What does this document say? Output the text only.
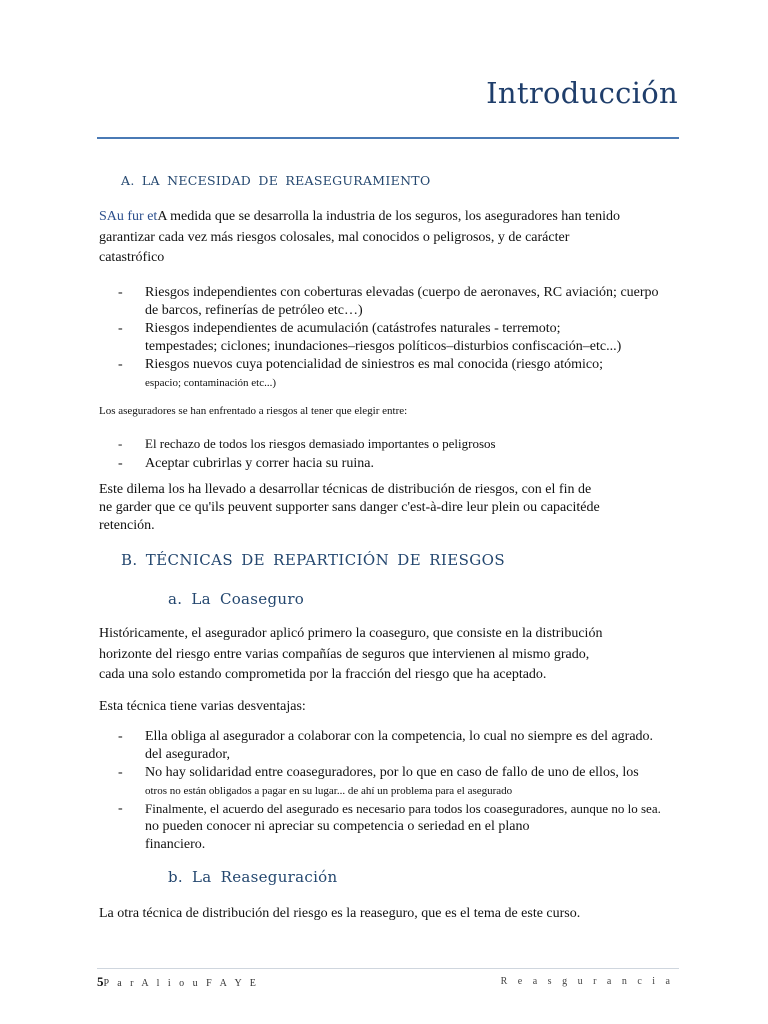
Introducción
A. LA NECESIDAD DE REASEGURAMIENTO
SAu fur etA medida que se desarrolla la industria de los seguros, los aseguradores han tenido
garantizar cada vez más riesgos colosales, mal conocidos o peligrosos, y de carácter
catastrófico
- Riesgos independientes con coberturas elevadas (cuerpo de aeronaves, RC aviación; cuerpo
de barcos, refinerías de petróleo etc…)
- Riesgos independientes de acumulación (catástrofes naturales - terremoto;
tempestades; ciclones; inundaciones–riesgos políticos–disturbios confiscación–etc...)
- Riesgos nuevos cuya potencialidad de siniestros es mal conocida (riesgo atómico;
espacio; contaminación etc...)
Los aseguradores se han enfrentado a riesgos al tener que elegir entre:
- El rechazo de todos los riesgos demasiado importantes o peligrosos
- Aceptar cubrirlas y correr hacia su ruina.
Este dilema los ha llevado a desarrollar técnicas de distribución de riesgos, con el fin de
ne garder que ce qu'ils peuvent supporter sans danger c'est-à-dire leur plein ou capacitéde
retención.
B. TÉCNICAS DE REPARTICIÓN DE RIESGOS
a. La Coaseguro
Históricamente, el asegurador aplicó primero la coaseguro, que consiste en la distribución
horizonte del riesgo entre varias compañías de seguros que intervienen al mismo grado,
cada una solo estando comprometida por la fracción del riesgo que ha aceptado.
Esta técnica tiene varias desventajas:
- Ella obliga al asegurador a colaborar con la competencia, lo cual no siempre es del agrado.
del asegurador,
- No hay solidaridad entre coaseguradores, por lo que en caso de fallo de uno de ellos, los
otros no están obligados a pagar en su lugar... de ahí un problema para el asegurado
- Finalmente, el acuerdo del asegurado es necesario para todos los coaseguradores, aunque no lo sea.
no pueden conocer ni apreciar su competencia o seriedad en el plano
financiero.
b. La Reaseguración
La otra técnica de distribución del riesgo es la reaseguro, que es el tema de este curso.
5P a r A l i o u F A Y E	R e a s g u r a n c i a
